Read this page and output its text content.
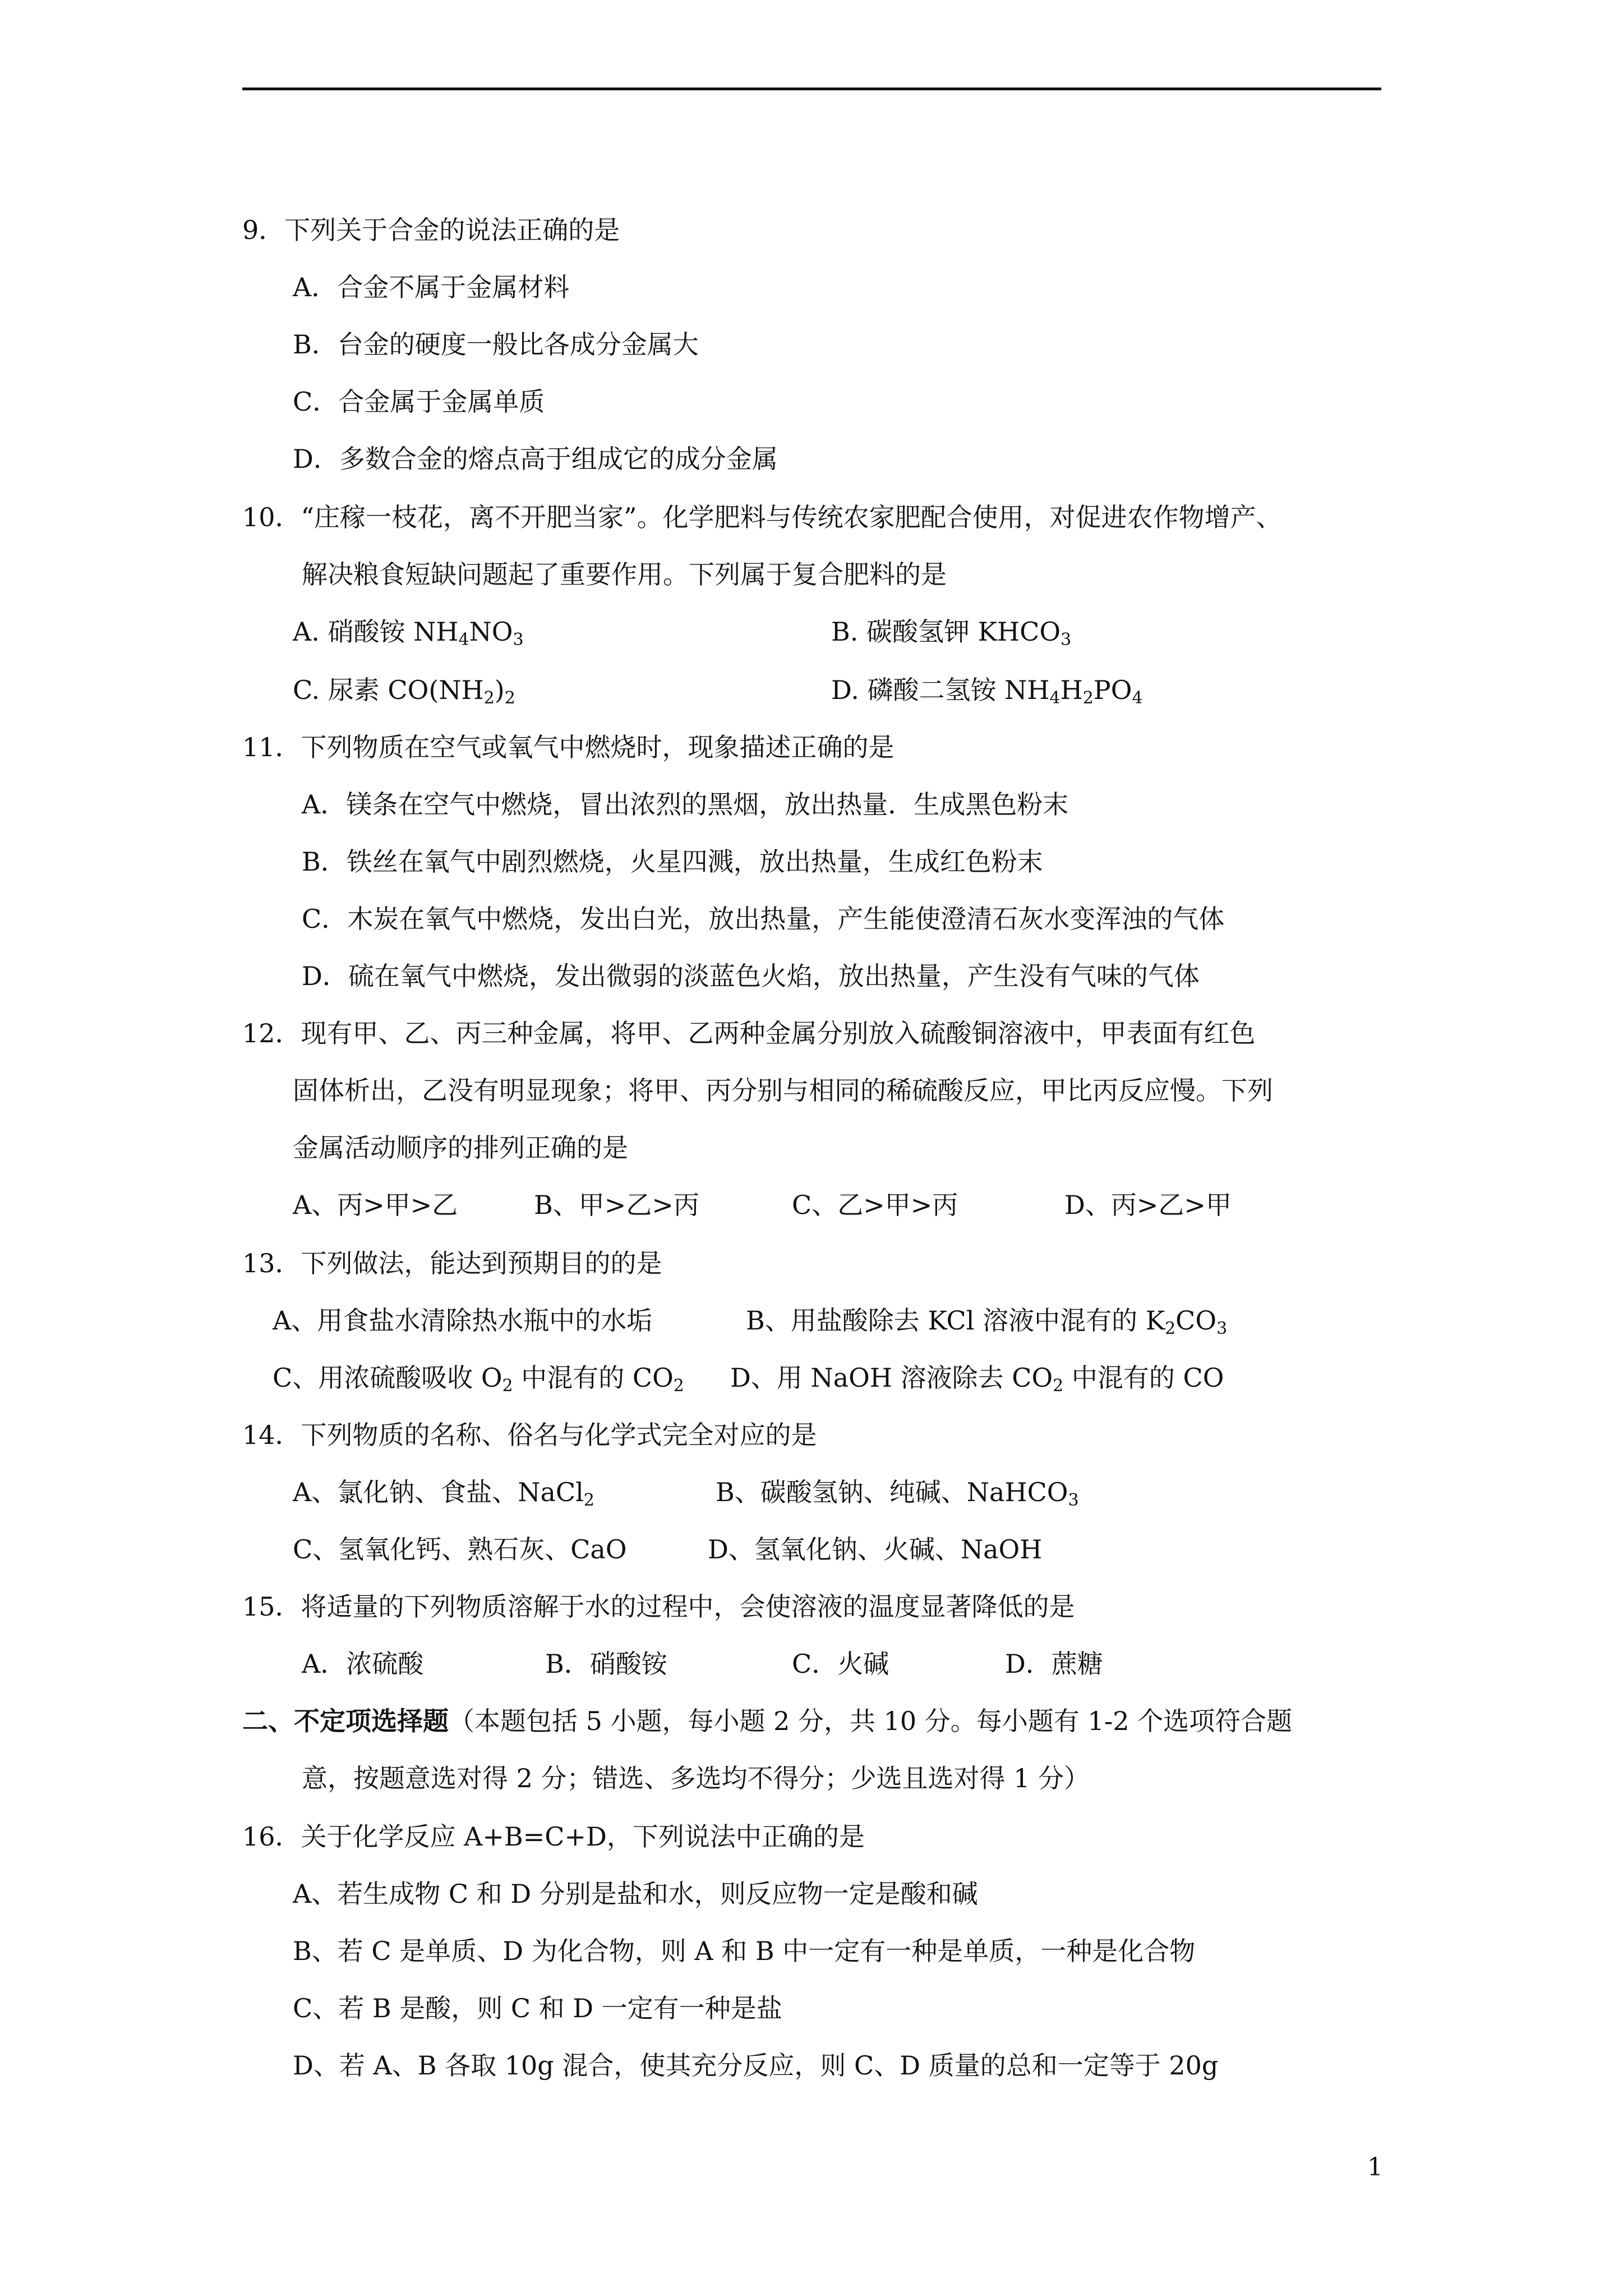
9．下列关于合金的说法正确的是
A．合金不属于金属材料
B．台金的硬度一般比各成分金属大
C．合金属于金属单质
D．多数合金的熔点高于组成它的成分金属
10．“庄稼一枝花，离不开肥当家”。化学肥料与传统农家肥配合使用，对促进农作物增产、
解决粮食短缺问题起了重要作用。下列属于复合肥料的是
A. 硝酸铵 $NH_4NO_3$	B. 碳酸氢钾 $KHCO_3$
C. 尿素 $CO(NH_2)_2$	D. 磷酸二氢铵 $NH_4H_2PO_4$
11．下列物质在空气或氧气中燃烧时，现象描述正确的是
A．镁条在空气中燃烧，冒出浓烈的黑烟，放出热量．生成黑色粉末
B．铁丝在氧气中剧烈燃烧，火星四溅，放出热量，生成红色粉末
C．木炭在氧气中燃烧，发出白光，放出热量，产生能使澄清石灰水变浑浊的气体
D．硫在氧气中燃烧，发出微弱的淡蓝色火焰，放出热量，产生没有气味的气体
12．现有甲、乙、丙三种金属，将甲、乙两种金属分别放入硫酸铜溶液中，甲表面有红色
固体析出，乙没有明显现象；将甲、丙分别与相同的稀硫酸反应，甲比丙反应慢。下列
金属活动顺序的排列正确的是
A、丙>甲>乙	B、甲>乙>丙	C、乙>甲>丙	D、丙>乙>甲
13．下列做法，能达到预期目的的是
A、用食盐水清除热水瓶中的水垢	B、用盐酸除去 KCl 溶液中混有的 $K_2CO_3$
C、用浓硫酸吸收 $O_2$ 中混有的 $CO_2$ D、用 NaOH 溶液除去 $CO_2$ 中混有的 CO
14．下列物质的名称、俗名与化学式完全对应的是
A、氯化钠、食盐、NaCl$_2$	B、碳酸氢钠、纯碱、NaHCO$_3$
C、氢氧化钙、熟石灰、CaO	D、氢氧化钠、火碱、NaOH
15．将适量的下列物质溶解于水的过程中，会使溶液的温度显著降低的是
A．浓硫酸	B．硝酸铵	C．火碱	D．蔗糖
二、不定项选择题（本题包括 5 小题，每小题 2 分，共 10 分。每小题有 1-2 个选项符合题
意，按题意选对得 2 分；错选、多选均不得分；少选且选对得 1 分）
16．关于化学反应 A+B=C+D，下列说法中正确的是
A、若生成物 C 和 D 分别是盐和水，则反应物一定是酸和碱
B、若 C 是单质、D 为化合物，则 A 和 B 中一定有一种是单质，一种是化合物
C、若 B 是酸，则 C 和 D 一定有一种是盐
D、若 A、B 各取 10g 混合，使其充分反应，则 C、D 质量的总和一定等于 20g
1
